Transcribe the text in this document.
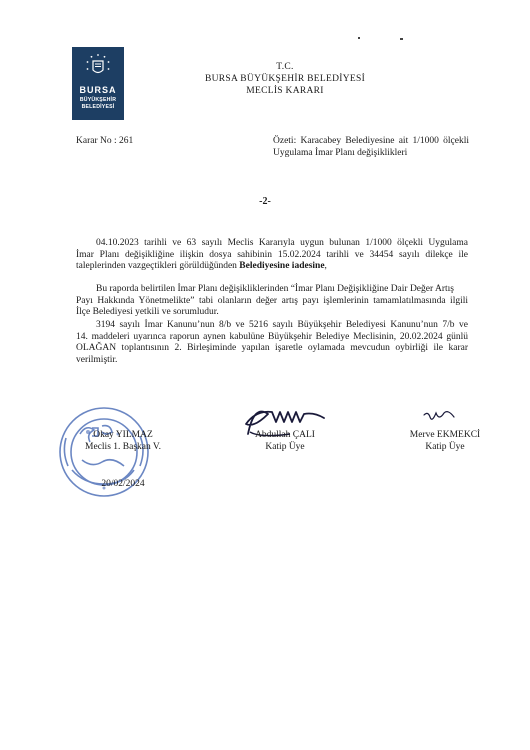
BURSA
BÜYÜKŞEHİR
BELEDİYESİ
T.C.
BURSA BÜYÜKŞEHİR BELEDİYESİ
MECLİS KARARI
Karar No : 261	Özeti: Karacabey Belediyesine ait 1/1000 ölçekli
Uygulama İmar Planı değişiklikleri
-2-
04.10.2023 tarihli ve 63 sayılı Meclis Kararıyla uygun bulunan 1/1000 ölçekli Uygulama
İmar Planı değişikliğine ilişkin dosya sahibinin 15.02.2024 tarihli ve 34454 sayılı dilekçe ile
taleplerinden vazgeçtikleri görüldüğünden Belediyesine iadesine,
Bu raporda belirtilen İmar Planı değişikliklerinden “İmar Planı Değişikliğine Dair Değer Artış
Payı Hakkında Yönetmelikte” tabi olanların değer artış payı işlemlerinin tamamlatılmasında ilgili
İlçe Belediyesi yetkili ve sorumludur.
3194 sayılı İmar Kanunu’nun 8/b ve 5216 sayılı Büyükşehir Belediyesi Kanunu’nun 7/b ve
14. maddeleri uyarınca raporun aynen kabulüne Büyükşehir Belediye Meclisinin, 20.02.2024 günlü
OLAĞAN toplantısının 2. Birleşiminde yapılan işaretle oylamada mevcudun oybirliği ile karar
verilmiştir.
Okay YILMAZ
Meclis 1. Başkan V.
20/02/2024
Abdullah ÇALI
Katip Üye
Merve EKMEKCİ
Katip Üye
